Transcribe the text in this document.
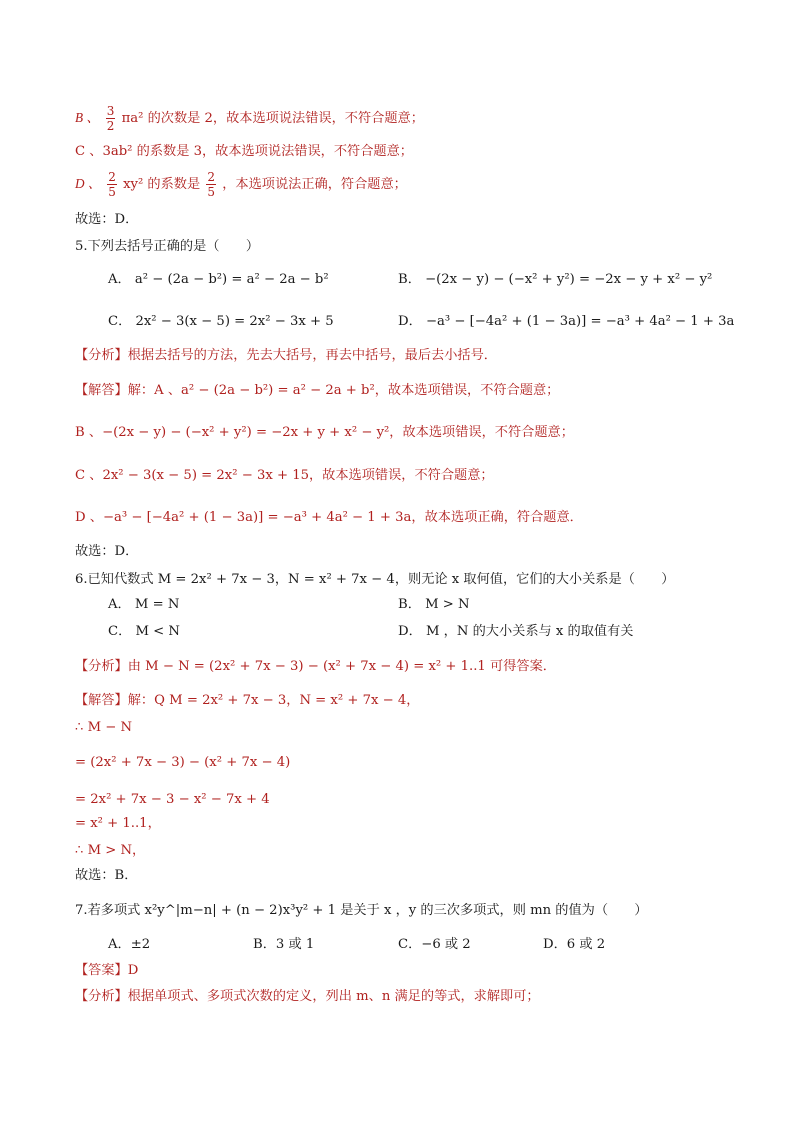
B 、 $\frac{3}{2} \pi a^2$ 的次数是 2，故本选项说法错误，不符合题意；
C 、3ab² 的系数是 3，故本选项说法错误，不符合题意；
D 、 $\frac{2}{5} xy^2$ 的系数是 $\frac{2}{5}$ ，本选项说法正确，符合题意；
故选：D．
5.下列去括号正确的是（　　）
A． a² − (2a − b²) = a² − 2a − b²	B． −(2x − y) − (−x² + y²) = −2x − y + x² − y²
C． 2x² − 3(x − 5) = 2x² − 3x + 5	D． −a³ − [−4a² + (1 − 3a)] = −a³ + 4a² − 1 + 3a
【分析】根据去括号的方法，先去大括号，再去中括号，最后去小括号．
【解答】解：A 、a² − (2a − b²) = a² − 2a + b²，故本选项错误，不符合题意；
B 、−(2x − y) − (−x² + y²) = −2x + y + x² − y²，故本选项错误，不符合题意；
C 、2x² − 3(x − 5) = 2x² − 3x + 15，故本选项错误，不符合题意；
D 、−a³ − [−4a² + (1 − 3a)] = −a³ + 4a² − 1 + 3a，故本选项正确，符合题意．
故选：D．
6.已知代数式 M = 2x² + 7x − 3，N = x² + 7x − 4，则无论 x 取何值，它们的大小关系是（　　）
A． M = N	B． M > N
C． M < N	D． M ，N 的大小关系与 x 的取值有关
【分析】由 M − N = (2x² + 7x − 3) − (x² + 7x − 4) = x² + 1..1 可得答案．
【解答】解：Q M = 2x² + 7x − 3，N = x² + 7x − 4，
∴ M − N
= (2x² + 7x − 3) − (x² + 7x − 4)
= 2x² + 7x − 3 − x² − 7x + 4
= x² + 1..1，
∴ M > N，
故选：B．
7.若多项式 x²y^|m−n| + (n − 2)x³y² + 1 是关于 x ，y 的三次多项式，则 mn 的值为（　　）
A．±2	B．3 或 1	C．−6 或 2	D．6 或 2
【答案】D
【分析】根据单项式、多项式次数的定义，列出 m、n 满足的等式，求解即可；
